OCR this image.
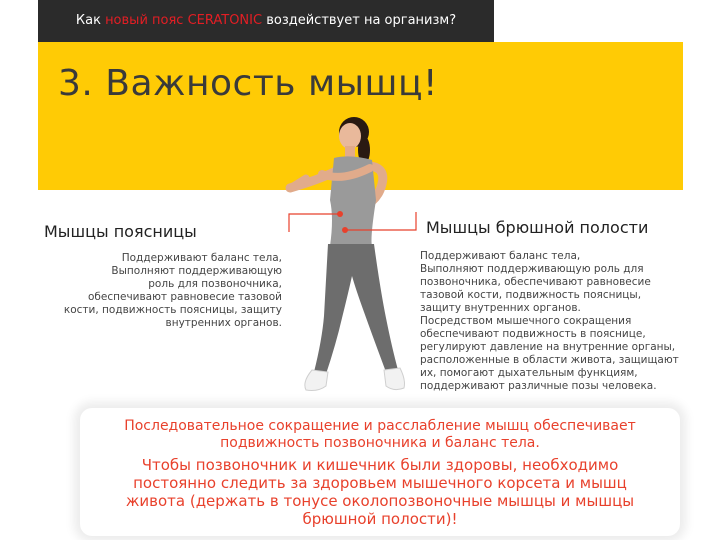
Как новый пояс CERATONIC воздействует на организм?
3. Важность мышц!
Мышцы поясницы
Поддерживают баланс тела,
Выполняют поддерживающую
роль для позвоночника,
обеспечивают равновесие тазовой
кости, подвижность поясницы, защиту
внутренних органов.
Мышцы брюшной полости
Поддерживают баланс тела,
Выполняют поддерживающую роль для
позвоночника, обеспечивают равновесие
тазовой кости, подвижность поясницы,
защиту внутренних органов.
Посредством мышечного сокращения
обеспечивают подвижность в пояснице,
регулируют давление на внутренние органы,
расположенные в области живота, защищают
их, помогают дыхательным функциям,
поддерживают различные позы человека.
Последовательное сокращение и расслабление мышц обеспечивает
подвижность позвоночника и баланс тела.
Чтобы позвоночник и кишечник были здоровы, необходимо
постоянно следить за здоровьем мышечного корсета и мышц
живота (держать в тонусе околопозвоночные мышцы и мышцы
брюшной полости)!
